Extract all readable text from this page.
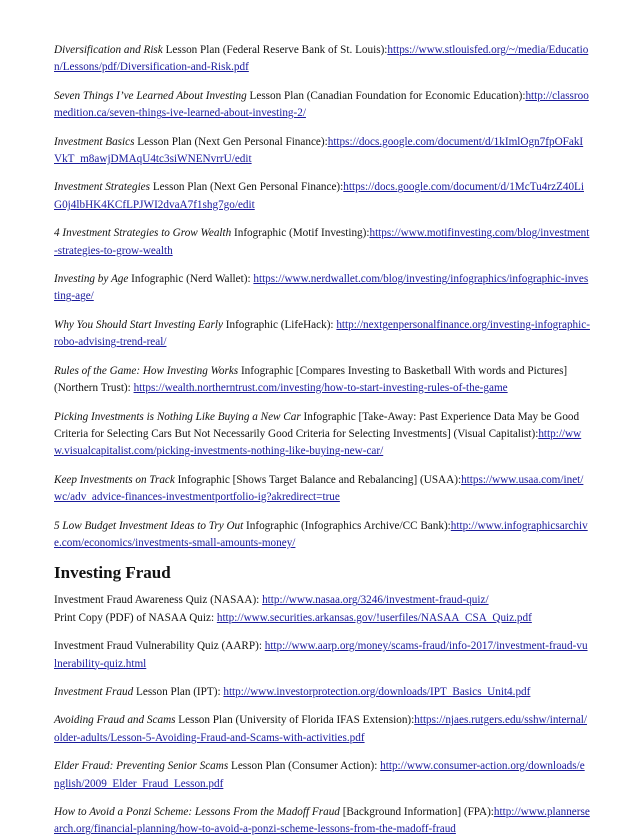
Diversification and Risk Lesson Plan (Federal Reserve Bank of St. Louis):https://www.stlouisfed.org/~/media/Education/Lessons/pdf/Diversification-and-Risk.pdf

Seven Things I’ve Learned About Investing Lesson Plan (Canadian Foundation for Economic Education):http://classroomedition.ca/seven-things-ive-learned-about-investing-2/

Investment Basics Lesson Plan (Next Gen Personal Finance):https://docs.google.com/document/d/1kImlOgn7fpOFakIVkT_m8awjDMAqU4tc3siWNENvrrU/edit

Investment Strategies Lesson Plan (Next Gen Personal Finance):https://docs.google.com/document/d/1McTu4rzZ40LiG0j4lbHK4KCfLPJWI2dvaA7f1shg7go/edit

4 Investment Strategies to Grow Wealth Infographic (Motif Investing):https://www.motifinvesting.com/blog/investment-strategies-to-grow-wealth

Investing by Age Infographic (Nerd Wallet): https://www.nerdwallet.com/blog/investing/infographics/infographic-investing-age/

Why You Should Start Investing Early Infographic (LifeHack): http://nextgenpersonalfinance.org/investing-infographic-robo-advising-trend-real/

Rules of the Game: How Investing Works Infographic [Compares Investing to Basketball With words and Pictures] (Northern Trust): https://wealth.northerntrust.com/investing/how-to-start-investing-rules-of-the-game

Picking Investments is Nothing Like Buying a New Car Infographic [Take-Away: Past Experience Data May be Good Criteria for Selecting Cars But Not Necessarily Good Criteria for Selecting Investments] (Visual Capitalist):http://www.visualcapitalist.com/picking-investments-nothing-like-buying-new-car/

Keep Investments on Track Infographic [Shows Target Balance and Rebalancing] (USAA):https://www.usaa.com/inet/wc/adv_advice-finances-investmentportfolio-ig?akredirect=true

5 Low Budget Investment Ideas to Try Out Infographic (Infographics Archive/CC Bank):http://www.infographicsarchive.com/economics/investments-small-amounts-money/

Investing Fraud

Investment Fraud Awareness Quiz (NASAA): http://www.nasaa.org/3246/investment-fraud-quiz/
Print Copy (PDF) of NASAA Quiz: http://www.securities.arkansas.gov/!userfiles/NASAA_CSA_Quiz.pdf

Investment Fraud Vulnerability Quiz (AARP): http://www.aarp.org/money/scams-fraud/info-2017/investment-fraud-vulnerability-quiz.html

Investment Fraud Lesson Plan (IPT): http://www.investorprotection.org/downloads/IPT_Basics_Unit4.pdf

Avoiding Fraud and Scams Lesson Plan (University of Florida IFAS Extension):https://njaes.rutgers.edu/sshw/internal/older-adults/Lesson-5-Avoiding-Fraud-and-Scams-with-activities.pdf

Elder Fraud: Preventing Senior Scams Lesson Plan (Consumer Action): http://www.consumer-action.org/downloads/english/2009_Elder_Fraud_Lesson.pdf

How to Avoid a Ponzi Scheme: Lessons From the Madoff Fraud [Background Information] (FPA):http://www.plannersearch.org/financial-planning/how-to-avoid-a-ponzi-scheme-lessons-from-the-madoff-fraud
